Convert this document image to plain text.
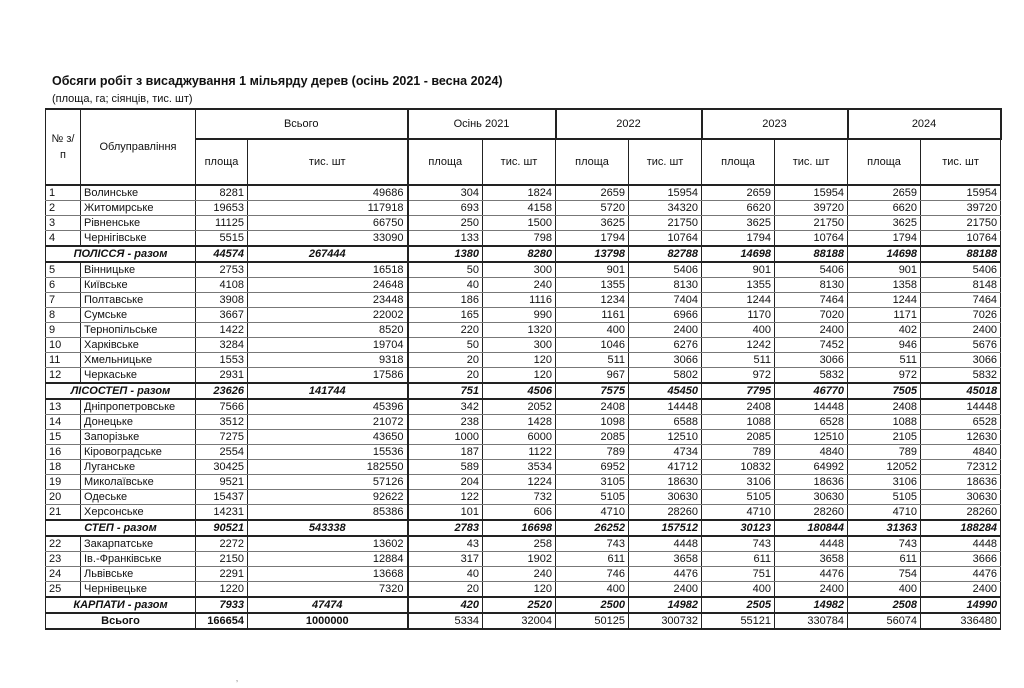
Обсяги робіт з висаджування 1 мільярду дерев (осінь 2021 - весна 2024)
(площа, га; сіянців, тис. шт)
№ з/п	Облуправління	Всього		Осінь 2021		2022		2023		2024	
		площа	тис. шт	площа	тис. шт	площа	тис. шт	площа	тис. шт	площа	тис. шт
1	Волинське	8281	49686	304	1824	2659	15954	2659	15954	2659	15954
2	Житомирське	19653	117918	693	4158	5720	34320	6620	39720	6620	39720
3	Рівненське	11125	66750	250	1500	3625	21750	3625	21750	3625	21750
4	Чернігівське	5515	33090	133	798	1794	10764	1794	10764	1794	10764
ПОЛІССЯ - разом		44574	267444	1380	8280	13798	82788	14698	88188	14698	88188
5	Вінницьке	2753	16518	50	300	901	5406	901	5406	901	5406
6	Київське	4108	24648	40	240	1355	8130	1355	8130	1358	8148
7	Полтавське	3908	23448	186	1116	1234	7404	1244	7464	1244	7464
8	Сумське	3667	22002	165	990	1161	6966	1170	7020	1171	7026
9	Тернопільське	1422	8520	220	1320	400	2400	400	2400	402	2400
10	Харківське	3284	19704	50	300	1046	6276	1242	7452	946	5676
11	Хмельницьке	1553	9318	20	120	511	3066	511	3066	511	3066
12	Черкаське	2931	17586	20	120	967	5802	972	5832	972	5832
ЛІСОСТЕП - разом		23626	141744	751	4506	7575	45450	7795	46770	7505	45018
13	Дніпропетровське	7566	45396	342	2052	2408	14448	2408	14448	2408	14448
14	Донецьке	3512	21072	238	1428	1098	6588	1088	6528	1088	6528
15	Запорізьке	7275	43650	1000	6000	2085	12510	2085	12510	2105	12630
16	Кіровоградське	2554	15536	187	1122	789	4734	789	4840	789	4840
18	Луганське	30425	182550	589	3534	6952	41712	10832	64992	12052	72312
19	Миколаївське	9521	57126	204	1224	3105	18630	3106	18636	3106	18636
20	Одеське	15437	92622	122	732	5105	30630	5105	30630	5105	30630
21	Херсонське	14231	85386	101	606	4710	28260	4710	28260	4710	28260
СТЕП - разом		90521	543338	2783	16698	26252	157512	30123	180844	31363	188284
22	Закарпатське	2272	13602	43	258	743	4448	743	4448	743	4448
23	Ів.-Франківське	2150	12884	317	1902	611	3658	611	3658	611	3666
24	Львівське	2291	13668	40	240	746	4476	751	4476	754	4476
25	Чернівецьке	1220	7320	20	120	400	2400	400	2400	400	2400
КАРПАТИ - разом		7933	47474	420	2520	2500	14982	2505	14982	2508	14990
Всього		166654	1000000	5334	32004	50125	300732	55121	330784	56074	336480
‚
